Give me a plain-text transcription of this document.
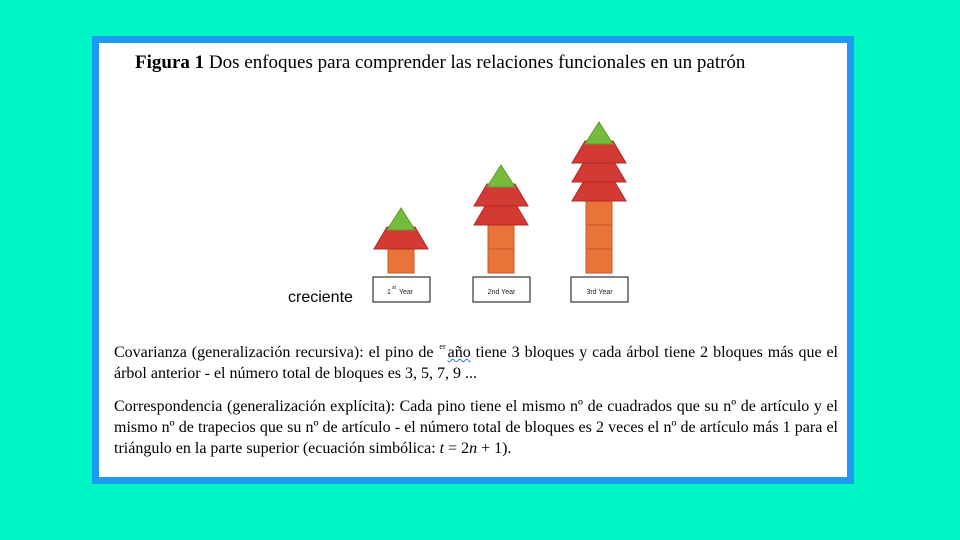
Figura 1 Dos enfoques para comprender las relaciones funcionales en un patrón
1
st
Year	2nd Year	3rd Year
creciente
Covarianza (generalización recursiva): el pino de $^{er}$ año tiene 3 bloques y cada árbol tiene 2 bloques más que el árbol anterior - el número total de bloques es 3, 5, 7, 9 ...
Correspondencia (generalización explícita): Cada pino tiene el mismo nº de cuadrados que su nº de artículo y el mismo nº de trapecios que su nº de artículo - el número total de bloques es 2 veces el nº de artículo más 1 para el triángulo en la parte superior (ecuación simbólica: t = 2n + 1).
